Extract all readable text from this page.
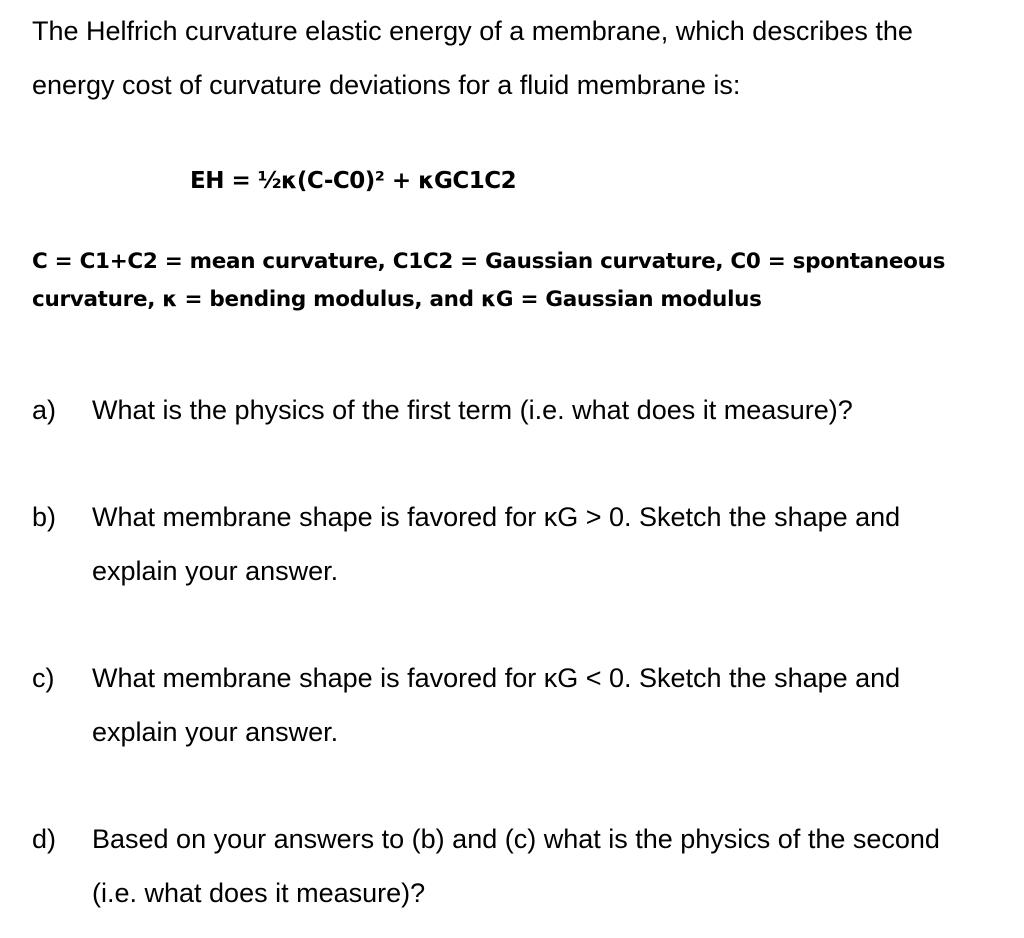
The Helfrich curvature elastic energy of a membrane, which describes the energy cost of curvature deviations for a fluid membrane is:
EH = ½κ(C-C0)² + κGC1C2
C = C1+C2 = mean curvature, C1C2 = Gaussian curvature, C0 = spontaneous curvature, κ = bending modulus, and κG = Gaussian modulus
a) What is the physics of the first term (i.e. what does it measure)?
b) What membrane shape is favored for κG > 0. Sketch the shape and explain your answer.
c) What membrane shape is favored for κG < 0. Sketch the shape and explain your answer.
d) Based on your answers to (b) and (c) what is the physics of the second (i.e. what does it measure)?
